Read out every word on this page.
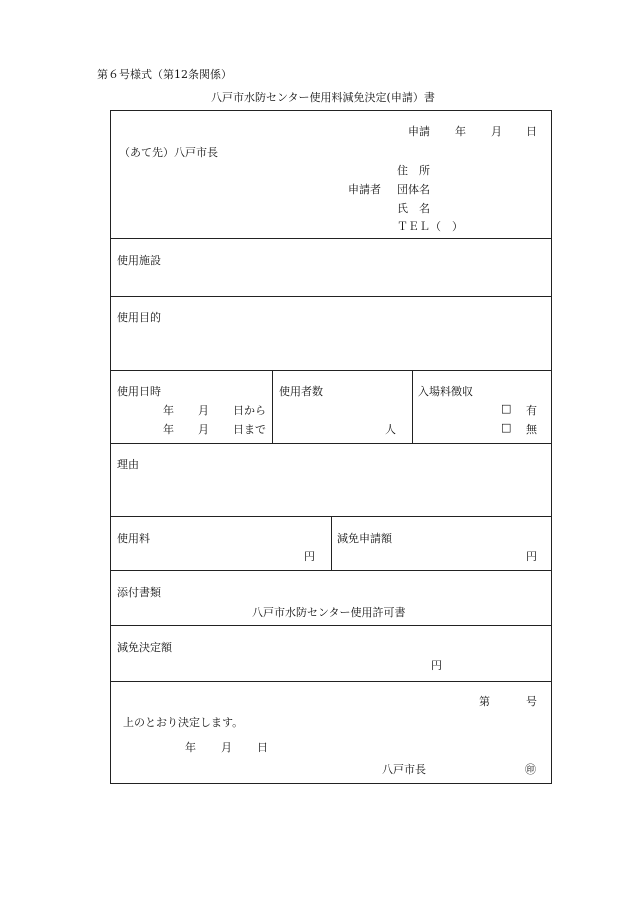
第６号様式（第12条関係）
八戸市水防センター使用料減免決定(申請）書
申請 年 月 日
（あて先）八戸市長
住　所
申請者 団体名
氏　名
ＴＥＬ（　）
使用施設
使用目的
使用日時
年 月 日から
年 月 日まで
使用者数
人
入場料徴収
□ 有
□ 無
理由
使用料
円
減免申請額
円
添付書類
八戸市水防センター使用許可書
減免決定額
円
第	号
上のとおり決定します。
年 月 日
八戸市長	㊞
